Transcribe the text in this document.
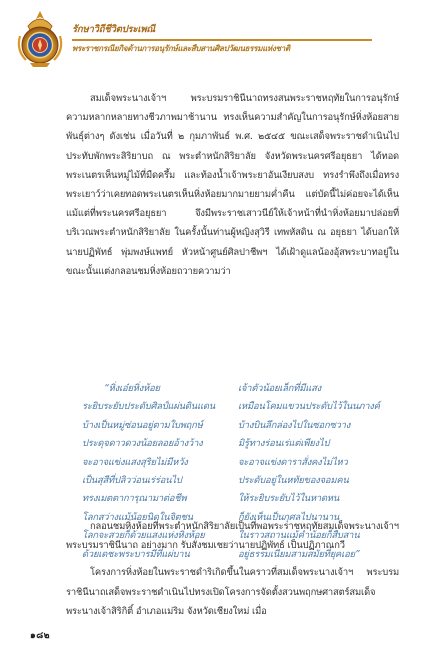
รักษาวิถีชีวิตประเพณี
พระราชกรณียกิจด้านการอนุรักษ์และสืบสานศิลปวัฒนธรรมแห่งชาติ

สมเด็จพระนางเจ้าฯ พระบรมราชินีนาถทรงสนพระราชหฤทัยในการอนุรักษ์ความหลากหลายทางชีวภาพมาช้านาน ทรงเห็นความสำคัญในการอนุรักษ์หิ่งห้อยสายพันธุ์ต่างๆ ดังเช่น เมื่อวันที่ ๒ กุมภาพันธ์ พ.ศ. ๒๕๔๕ ขณะเสด็จพระราชดำเนินไปประทับพักพระสิริยาบถ ณ พระตำหนักสิริยาลัย จังหวัดพระนครศรีอยุธยา ได้ทอดพระเนตรเห็นหมู่ไม้ที่มืดครึ้ม และท้องน้ำเจ้าพระยาอันเงียบสงบ ทรงรำพึงถึงเมื่อทรงพระเยาว์ว่าเคยทอดพระเนตรเห็นหิ่งห้อยมากมายยามค่ำคืน แต่บัดนี้ไม่ค่อยจะได้เห็นแม้แต่ที่พระนครศรีอยุธยา จึงมีพระราชเสาวนีย์ให้เจ้าหน้าที่นำหิ่งห้อยมาปล่อยที่บริเวณพระตำหนักสิริยาลัย ในครั้งนั้นท่านผู้หญิงสุวิรี เทพหัสดิน ณ อยุธยา ได้บอกให้ นายปฏิพัทธ์ พุ่มพงษ์แพทย์ หัวหน้าศูนย์ศิลปาชีพฯ ได้เฝ้าดูแลน้องอุ้สพระบาทอยู่ในขณะนั้นแต่งกลอนชมหิ่งห้อยถวายความว่า

“หิ่งเอ๋ยหิ่งห้อย
ระยิบระยับประดับศิลป์แผ่นดินแดน
บ้างเป็นหมู่ซ่อนอยู่ตามใบพฤกษ์
ประดุจดาวดวงน้อยลอยอ้างว้าง
จะอาจแข่งแสงสุริยไม่มีหวัง
เป็นสุสีที่ปลิวว่อนเร่ร่อนไป
ทรงเมตตาการุณามาต่อชีพ
โลกสว่างแม้น้อยนิดในจิตชน
โลกจะสวยก็ด้วยแสงแห่งหิ่งห้อย
ด้วยเดชะพระบารมีที่แผ่บาน
เจ้าตัวน้อยเล็กที่มีแสง
เหมือนโคมแขวนประดับไว้ในนภางค์
บ้างบินลึกล่องไปในซอกซวาง
มิรู้ทางร่อนเร่แต่เพียงไป
จะอาจแข่งดาราสั่งคงไม่ไหว
ประดับอยู่ในหทัยของจอมคน
ให้ระยิบระยับไว้ในหาดหน
ก็ยังเห็นเป็นกุศลไปนานาน
ในราวสถานแม้คำน้อยก็สืบสาน
อยู่ธรรมเนียมสามสมัยที่ยุคเอย”

กลอนชมหิ่งห้อยที่พระตำหนักสิริยาลัยเป็นที่พอพระราชหฤทัยสมเด็จพระนางเจ้าฯ พระบรมราชินีนาถ อย่างมาก รับสั่งชมเชยว่านายปฏิพัทธ์ เป็นปฏิภาณกวี

โครงการหิ่งห้อยในพระราชดำริเกิดขึ้นในคราวที่สมเด็จพระนางเจ้าฯ พระบรมราชินีนาถเสด็จพระราชดำเนินไปทรงเปิดโครงการจัดตั้งสวนพฤกษศาสตร์สมเด็จพระนางเจ้าสิริกิติ์ อำเภอแม่ริม จังหวัดเชียงใหม่ เมื่อ

๑๘๒
